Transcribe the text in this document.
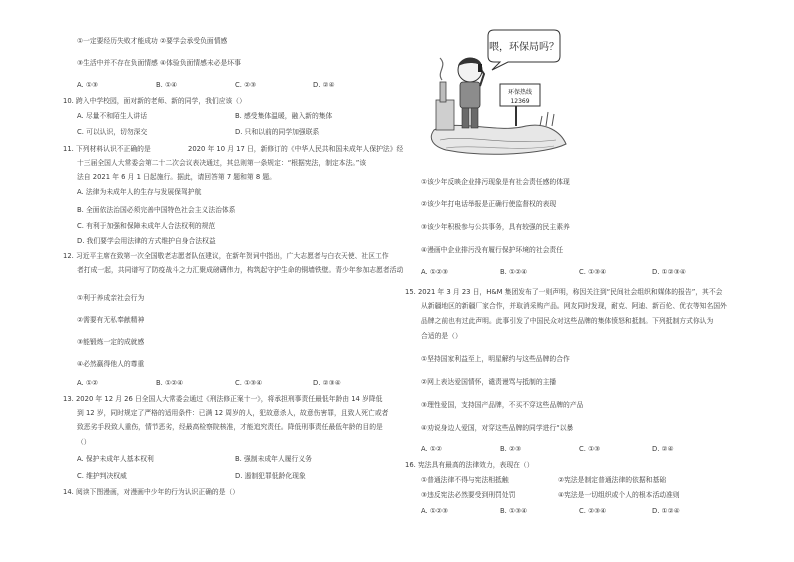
①一定要经历失败才能成功 ②要学会承受负面情感
③生活中并不存在负面情感 ④体验负面情感未必是坏事
A. ①③	B. ①④	C. ②③	D. ②④
10. 跨入中学校园，面对新的老师、新的同学，我们应该（）
A. 尽量不和陌生人讲话	B. 感受集体温暖，融入新的集体
C. 可以认识，切勿深交	D. 只和以前的同学加强联系
11. 下列材料认识不正确的是	2020 年 10 月 17 日，新修订的《中华人民共和国未成年人保护法》经
十三届全国人大常委会第二十二次会议表决通过，其总则第一条规定：“根据宪法，制定本法。”该
法自 2021 年 6 月 1 日起施行。据此，请回答第 7 题和第 8 题。
A. 法律为未成年人的生存与发展保驾护航
B. 全面依法治国必须完善中国特色社会主义法治体系
C. 有利于加强和保障未成年人合法权利的规范
D. 我们要学会用法律的方式维护自身合法权益
12. 习近平主席在致第一次全国敬老志愿者队伍建议，在新年贺词中指出，广大志愿者与白衣天使、社区工作
者打成一起，共同谱写了防疫战斗之力汇聚成磅礴伟力，构筑起守护生命的铜墙铁壁。青少年参加志愿者活动
①利于养成亲社会行为
②需要有无私奉献精神
③能锻炼一定的成就感
④必然赢得他人的尊重
A. ①②	B. ①②④	C. ①③④	D. ②③④
13. 2020 年 12 月 26 日全国人大常委会通过《刑法修正案十一》，将承担刑事责任最低年龄由 14 岁降低
到 12 岁，同时规定了严格的适用条件：已满 12 周岁的人，犯故意杀人，故意伤害罪，且致人死亡或者
致恶劣手段致人重伤，情节恶劣，经最高检察院核准，才能追究责任。降低刑事责任最低年龄的目的是
（）
A. 保护未成年人基本权利	B. 强制未成年人履行义务
C. 维护判决权威	D. 遏制犯罪低龄化现象
14. 阅读下图漫画，对漫画中少年的行为认识正确的是（）
喂，环保局吗？
环保热线
12369
①该少年反映企业排污现象是有社会责任感的体现
②该少年打电话举报是正确行使监督权的表现
③该少年积极参与公共事务，具有较强的民主素养
④漫画中企业排污没有履行保护环境的社会责任
A. ①②③	B. ①②④	C. ①③④	D. ①②③④
15. 2021 年 3 月 23 日，H&M 集团发布了一则声明，称因关注到“民间社会组织和媒体的报告”，其不会
从新疆地区的新疆厂家合作，并取消采购产品。网友同时发现，耐克、阿迪、新百伦、优衣等知名国外
品牌之前也有过此声明。此事引发了中国民众对这些品牌的集体愤怒和抵制。下列抵制方式你认为
合适的是（）
①坚持国家利益至上，明星解约与这些品牌的合作
②网上表达爱国情怀，谴责谩骂与抵制的主播
③理性爱国，支持国产品牌，不买不穿这些品牌的产品
④劝说身边人爱国，对穿这些品牌的同学进行“以暴
A. ①②	B. ②③	C. ①③	D. ②④
16. 宪法具有最高的法律效力，表现在（）
①普通法律不得与宪法相抵触	②宪法是制定普通法律的依据和基础
③违反宪法必然要受到刑罚处罚	④宪法是一切组织或个人的根本活动准则
A. ①②③	B. ①③④	C. ②③④	D. ①②④
